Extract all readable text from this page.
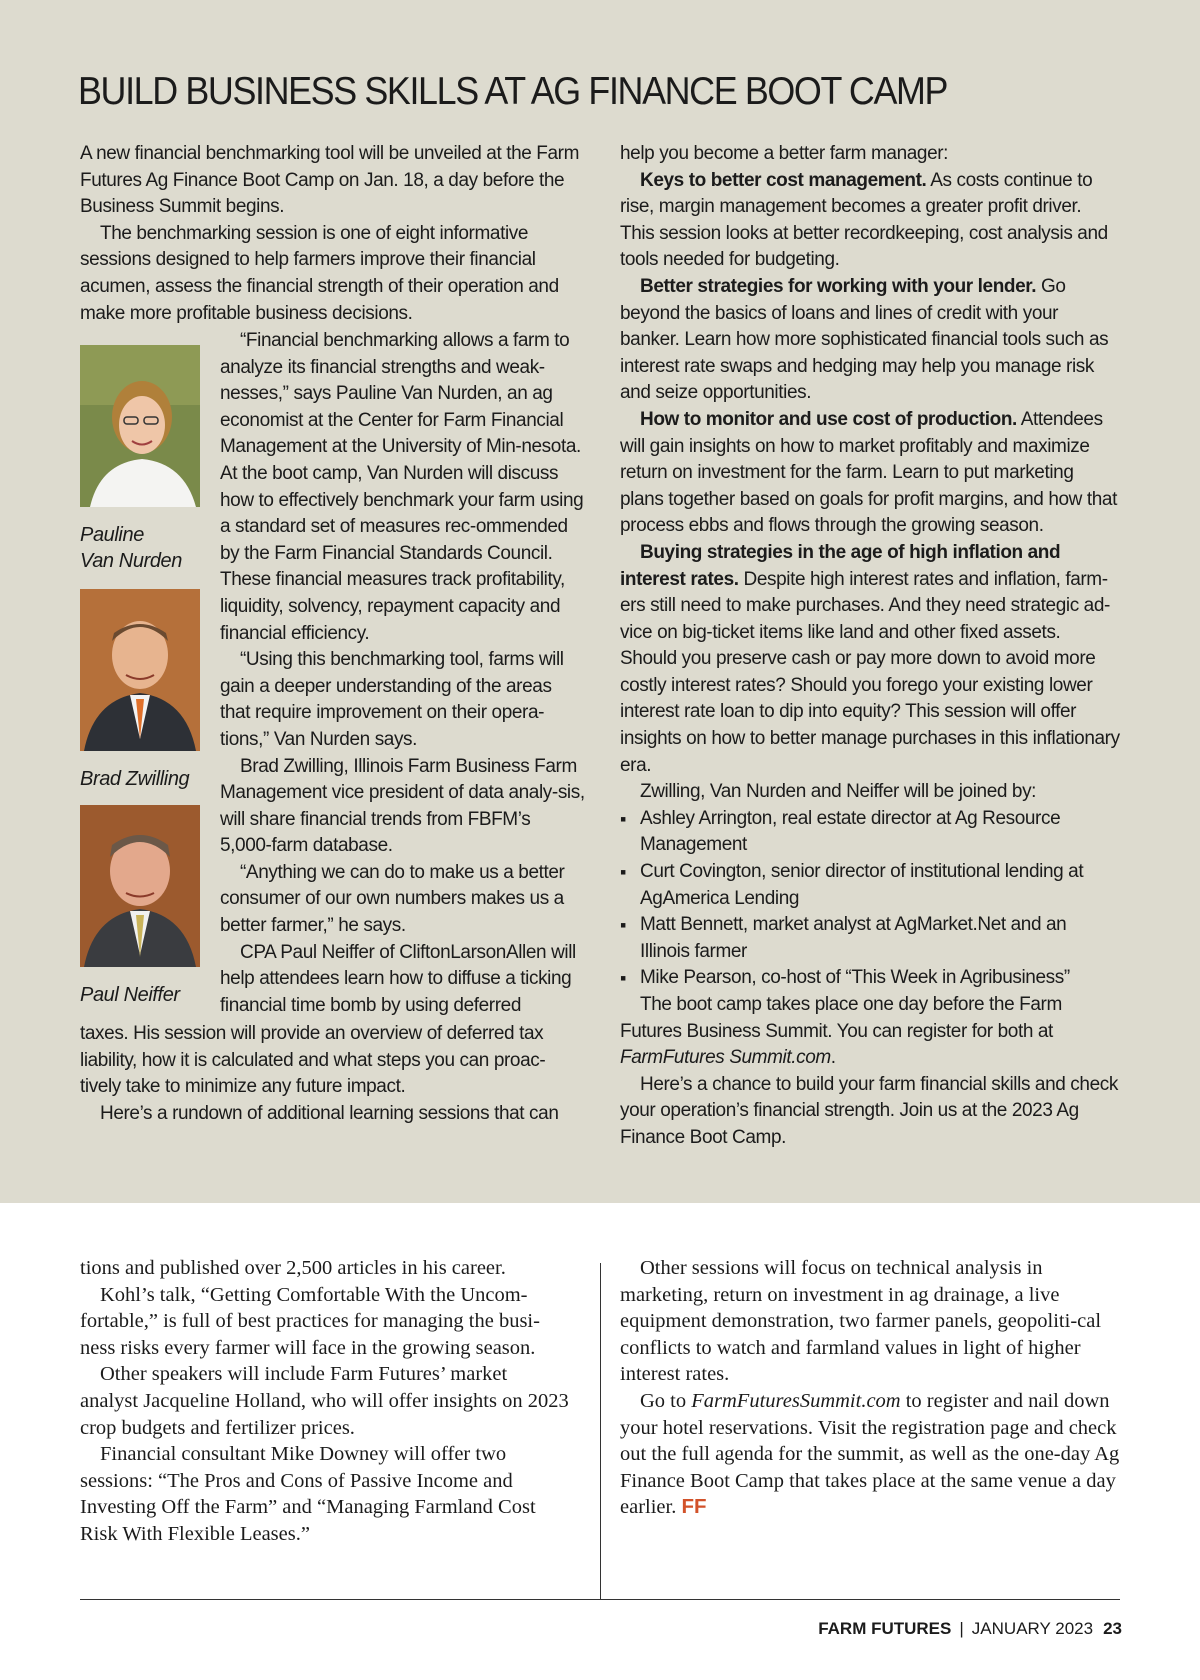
BUILD BUSINESS SKILLS AT AG FINANCE BOOT CAMP

A new financial benchmarking tool will be unveiled at the Farm Futures Ag Finance Boot Camp on Jan. 18, a day before the Business Summit begins.

The benchmarking session is one of eight informative sessions designed to help farmers improve their financial acumen, assess the financial strength of their operation and make more profitable business decisions.

Pauline
Van Nurden
Brad Zwilling
Paul Neiffer

“Financial benchmarking allows a farm to analyze its financial strengths and weak-nesses,” says Pauline Van Nurden, an ag economist at the Center for Farm Financial Management at the University of Min-nesota. At the boot camp, Van Nurden will discuss how to effectively benchmark your farm using a standard set of measures rec-ommended by the Farm Financial Standards Council. These financial measures track profitability, liquidity, solvency, repayment capacity and financial efficiency.

“Using this benchmarking tool, farms will gain a deeper understanding of the areas that require improvement on their opera-tions,” Van Nurden says.

Brad Zwilling, Illinois Farm Business Farm Management vice president of data analy-sis, will share financial trends from FBFM’s 5,000-farm database.

“Anything we can do to make us a better consumer of our own numbers makes us a better farmer,” he says.

CPA Paul Neiffer of CliftonLarsonAllen will help attendees learn how to diffuse a ticking financial time bomb by using deferred

taxes. His session will provide an overview of deferred tax liability, how it is calculated and what steps you can proac-tively take to minimize any future impact.

Here’s a rundown of additional learning sessions that can

help you become a better farm manager:

Keys to better cost management. As costs continue to rise, margin management becomes a greater profit driver. This session looks at better recordkeeping, cost analysis and tools needed for budgeting.

Better strategies for working with your lender. Go beyond the basics of loans and lines of credit with your banker. Learn how more sophisticated financial tools such as interest rate swaps and hedging may help you manage risk and seize opportunities.

How to monitor and use cost of production. Attendees will gain insights on how to market profitably and maximize return on investment for the farm. Learn to put marketing plans together based on goals for profit margins, and how that process ebbs and flows through the growing season.

Buying strategies in the age of high inflation and interest rates. Despite high interest rates and inflation, farm-ers still need to make purchases. And they need strategic ad-vice on big-ticket items like land and other fixed assets. Should you preserve cash or pay more down to avoid more costly interest rates? Should you forego your existing lower interest rate loan to dip into equity? This session will offer insights on how to better manage purchases in this inflationary era.

Zwilling, Van Nurden and Neiffer will be joined by:

▪ Ashley Arrington, real estate director at Ag Resource Management
▪ Curt Covington, senior director of institutional lending at AgAmerica Lending
▪ Matt Bennett, market analyst at AgMarket.Net and an Illinois farmer
▪ Mike Pearson, co-host of “This Week in Agribusiness”

The boot camp takes place one day before the Farm Futures Business Summit. You can register for both at FarmFutures Summit.com.

Here’s a chance to build your farm financial skills and check your operation’s financial strength. Join us at the 2023 Ag Finance Boot Camp.

tions and published over 2,500 articles in his career.

Kohl’s talk, “Getting Comfortable With the Uncom-fortable,” is full of best practices for managing the busi-ness risks every farmer will face in the growing season.

Other speakers will include Farm Futures’ market analyst Jacqueline Holland, who will offer insights on 2023 crop budgets and fertilizer prices.

Financial consultant Mike Downey will offer two sessions: “The Pros and Cons of Passive Income and Investing Off the Farm” and “Managing Farmland Cost Risk With Flexible Leases.”

Other sessions will focus on technical analysis in marketing, return on investment in ag drainage, a live equipment demonstration, two farmer panels, geopoliti-cal conflicts to watch and farmland values in light of higher interest rates.

Go to FarmFuturesSummit.com to register and nail down your hotel reservations. Visit the registration page and check out the full agenda for the summit, as well as the one-day Ag Finance Boot Camp that takes place at the same venue a day earlier. FF

FARM FUTURES | JANUARY 2023 23
